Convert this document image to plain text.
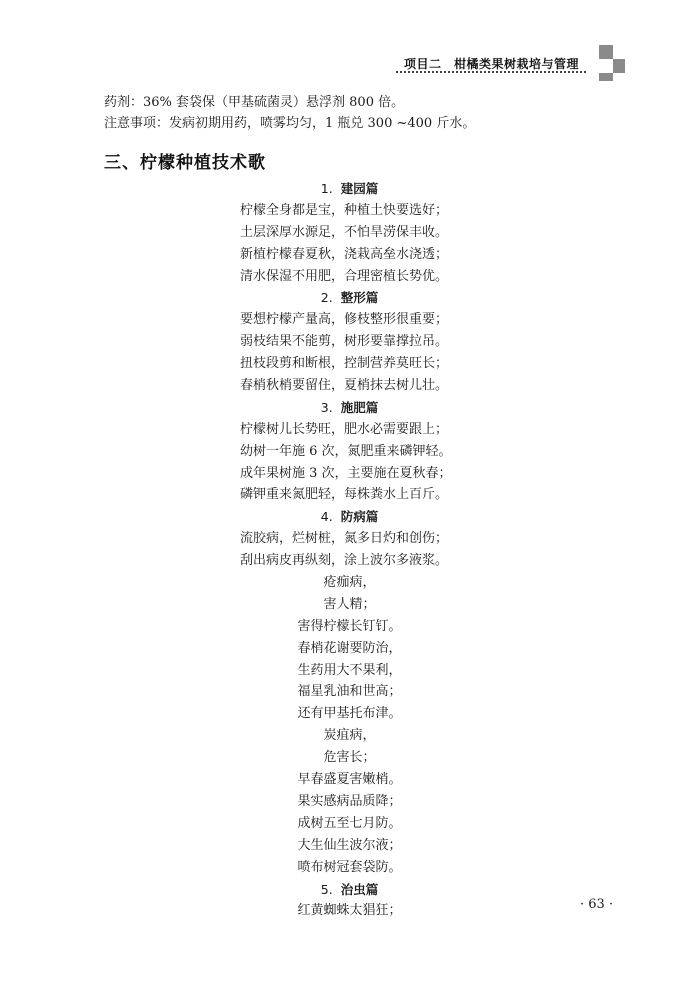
项目二　柑橘类果树栽培与管理
药剂：36% 套袋保（甲基硫菌灵）悬浮剂 800 倍。
注意事项：发病初期用药，喷雾均匀，1 瓶兑 300 ~400 斤水。
三、柠檬种植技术歌
1. 建园篇
柠檬全身都是宝，种植土快要选好；
土层深厚水源足，不怕旱涝保丰收。
新植柠檬春夏秋，浇栽高垒水浇透；
清水保湿不用肥，合理密植长势优。
2. 整形篇
要想柠檬产量高，修枝整形很重要；
弱枝结果不能剪，树形要靠撑拉吊。
扭枝段剪和断根，控制营养莫旺长；
春梢秋梢要留住，夏梢抹去树儿壮。
3. 施肥篇
柠檬树儿长势旺，肥水必需要跟上；
幼树一年施 6 次，氮肥重来磷钾轻。
成年果树施 3 次，主要施在夏秋春；
磷钾重来氮肥轻，每株粪水上百斤。
4. 防病篇
流胶病，烂树桩，氮多日灼和创伤；
刮出病皮再纵刻，涂上波尔多液浆。
疮痂病，
害人精；
害得柠檬长钉钉。
春梢花谢要防治，
生药用大不果利，
福星乳油和世高；
还有甲基托布津。
炭疽病，
危害长；
早春盛夏害嫩梢。
果实感病品质降；
成树五至七月防。
大生仙生波尔液；
喷布树冠套袋防。
5. 治虫篇
红黄蜘蛛太猖狂；	· 63 ·
